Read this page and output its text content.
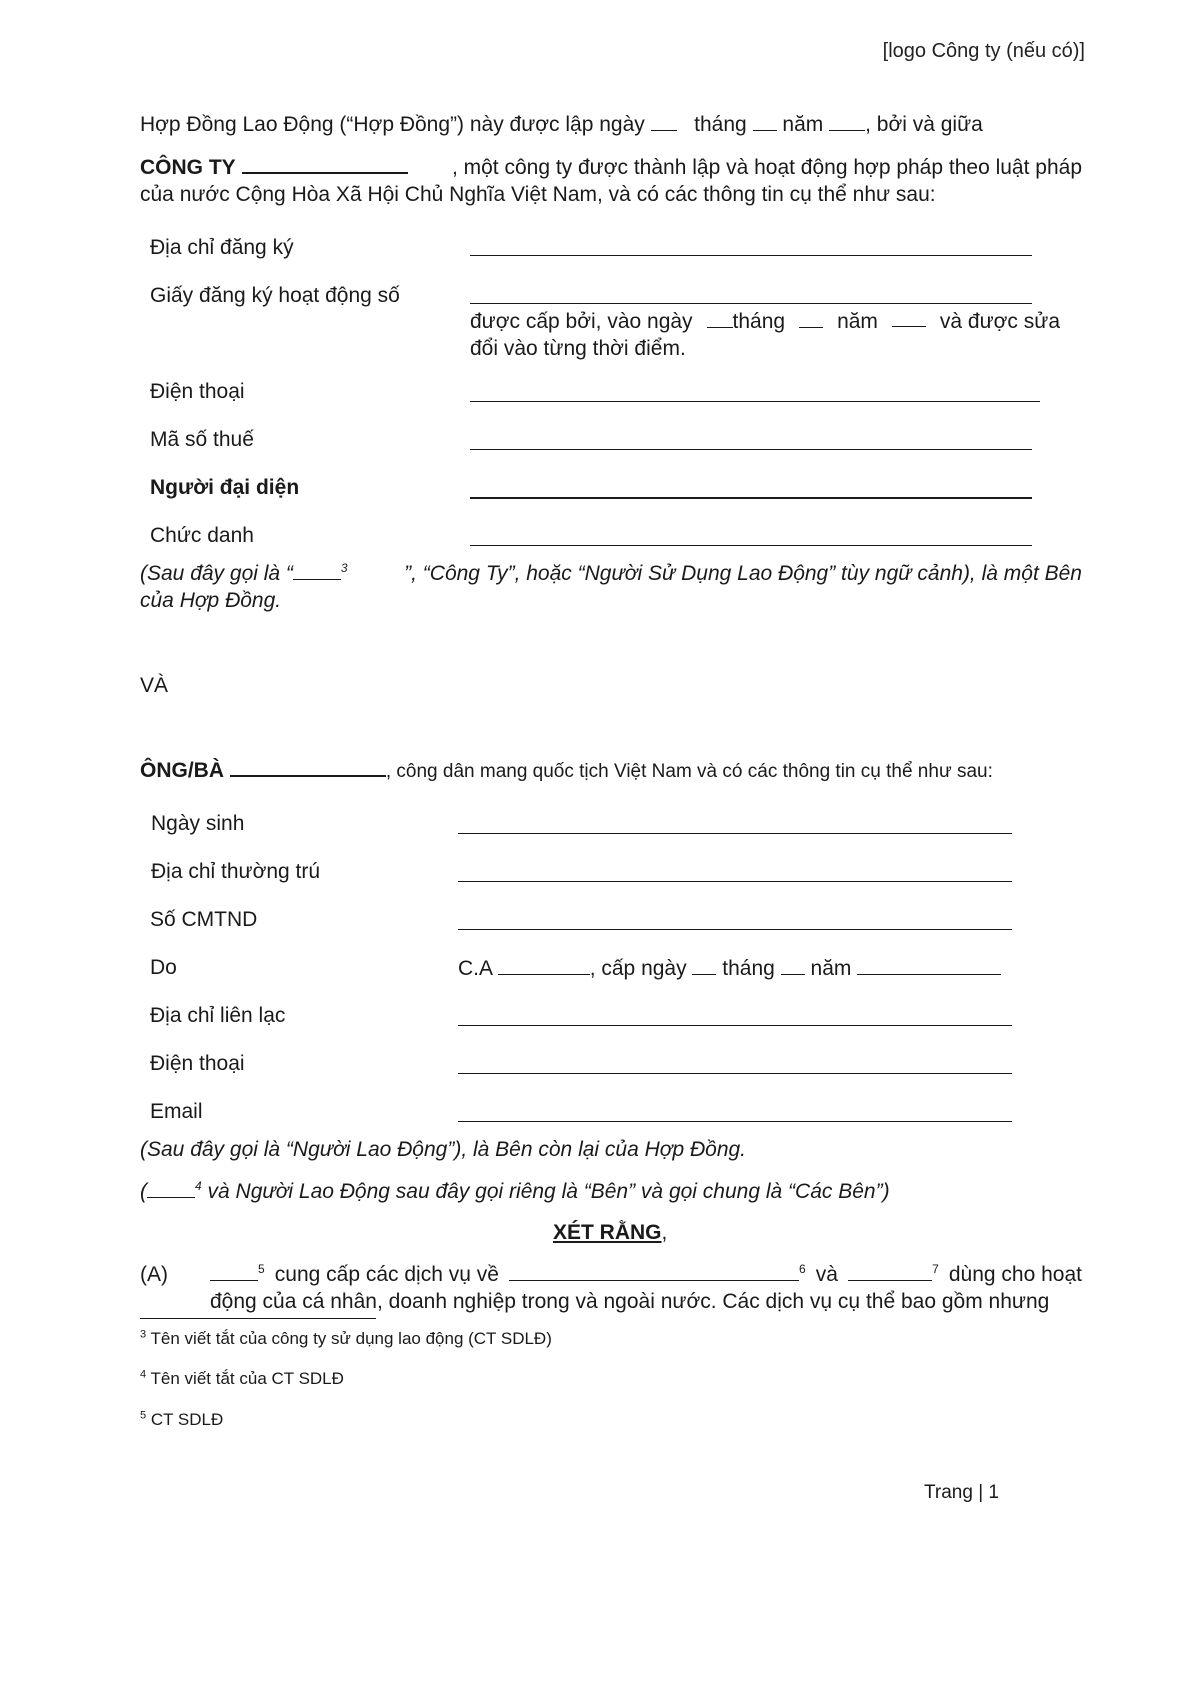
[logo Công ty (nếu có)]
Hợp Đồng Lao Động (“Hợp Đồng”) này được lập ngày tháng năm , bởi và giữa
CÔNG TY	, một công ty được thành lập và hoạt động hợp pháp theo luật pháp
của nước Cộng Hòa Xã Hội Chủ Nghĩa Việt Nam, và có các thông tin cụ thể như sau:
Địa chỉ đăng ký
Giấy đăng ký hoạt động số
được cấp bởi, vào ngày	tháng năm	và được sửa
đổi vào từng thời điểm.
Điện thoại
Mã số thuế
Người đại diện
Chức danh
(Sau đây gọi là “	$^3$	”, “Công Ty”, hoặc “Người Sử Dụng Lao Động” tùy ngữ cảnh), là một Bên
của Hợp Đồng.
VÀ
ÔNG/BÀ	, công dân mang quốc tịch Việt Nam và có các thông tin cụ thể như sau:
Ngày sinh
Địa chỉ thường trú
Số CMTND
Do	C.A	, cấp ngày tháng năm
Địa chỉ liên lạc
Điện thoại
Email
(Sau đây gọi là “Người Lao Động”), là Bên còn lại của Hợp Đồng.
(	$^4$ và Người Lao Động sau đây gọi riêng là “Bên” và gọi chung là “Các Bên”)
XÉT RẰNG,
(A)	$^5$ cung cấp các dịch vụ về	$^6$ và	$^7$ dùng cho hoạt
động của cá nhân, doanh nghiệp trong và ngoài nước. Các dịch vụ cụ thể bao gồm nhưng
$^3$ Tên viết tắt của công ty sử dụng lao động (CT SDLĐ)
$^4$ Tên viết tắt của CT SDLĐ
$^5$ CT SDLĐ
Trang | 1
